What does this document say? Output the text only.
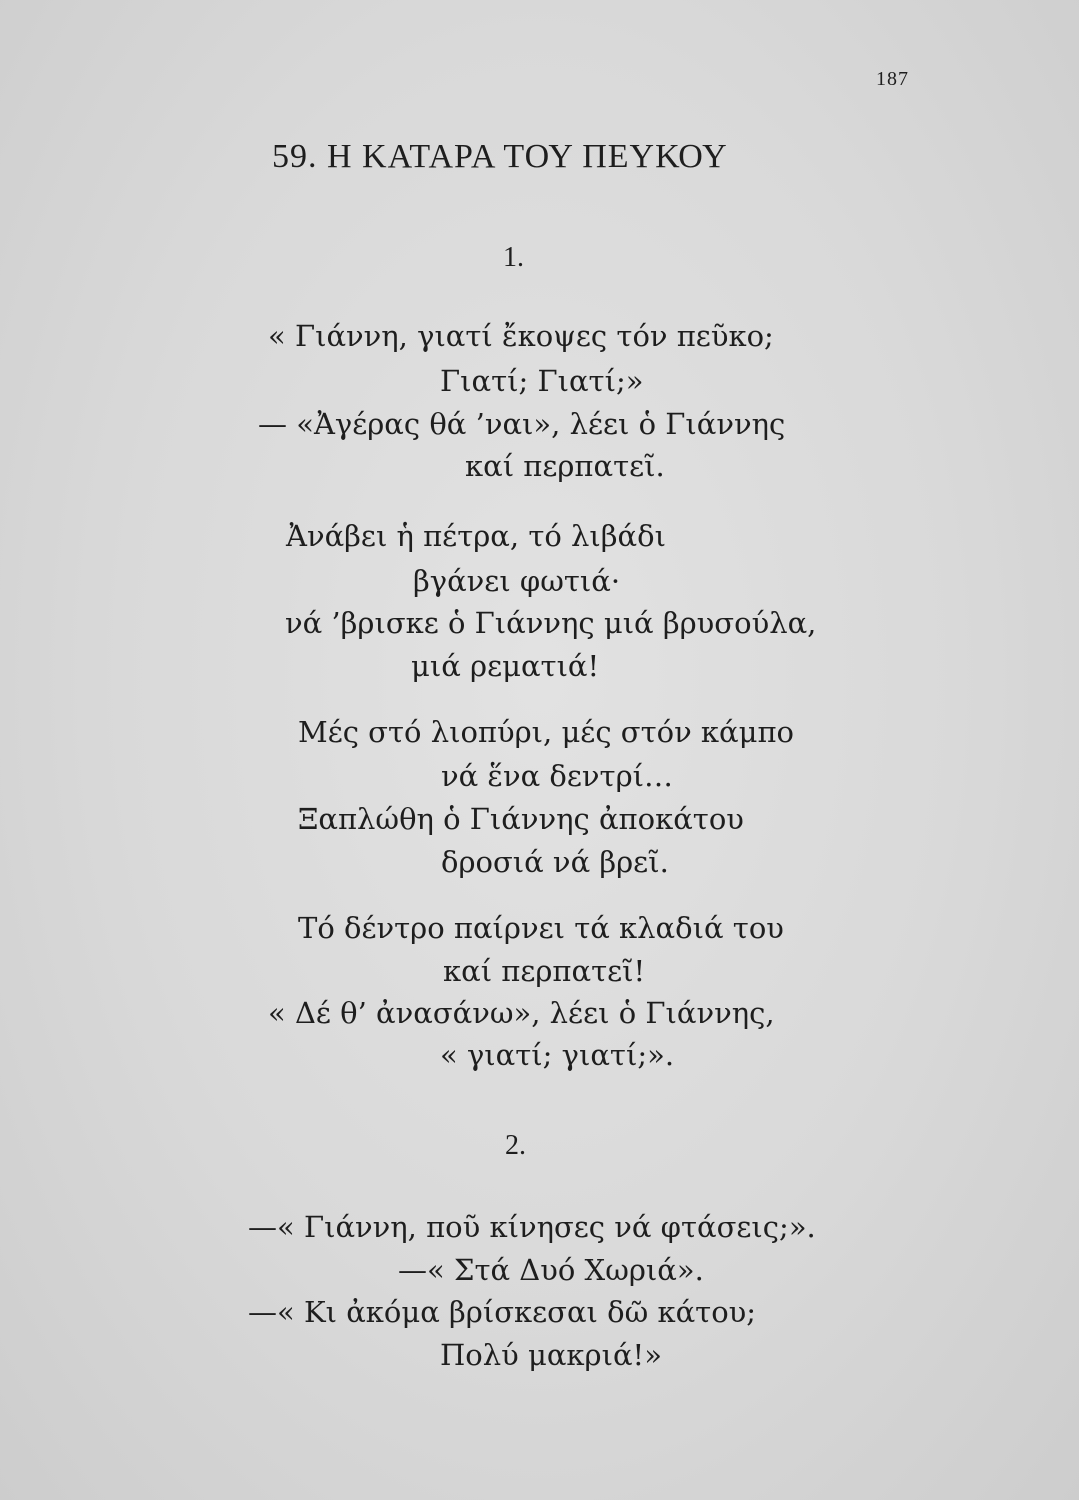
187
59. Η ΚΑΤΑΡΑ ΤΟΥ ΠΕΥΚΟΥ
1.
« Γιάννη, γιατί ἔκοψες τόν πεῦκο;
Γιατί; Γιατί;»
— «Ἀγέρας θά ’ναι», λέει ὁ Γιάννης
καί περπατεῖ.
Ἀνάβει ἡ πέτρα, τό λιβάδι
βγάνει φωτιά·
νά ’βρισκε ὁ Γιάννης μιά βρυσούλα,
μιά ρεματιά!
Μές στό λιοπύρι, μές στόν κάμπο
νά ἕνα δεντρί…
Ξαπλώθη ὁ Γιάννης ἀποκάτου
δροσιά νά βρεῖ.
Τό δέντρο παίρνει τά κλαδιά του
καί περπατεῖ!
« Δέ θ’ ἀνασάνω», λέει ὁ Γιάννης,
« γιατί; γιατί;».
2.
—« Γιάννη, ποῦ κίνησες νά φτάσεις;».
—« Στά Δυό Χωριά».
—« Κι ἀκόμα βρίσκεσαι δῶ κάτου;
Πολύ μακριά!»
